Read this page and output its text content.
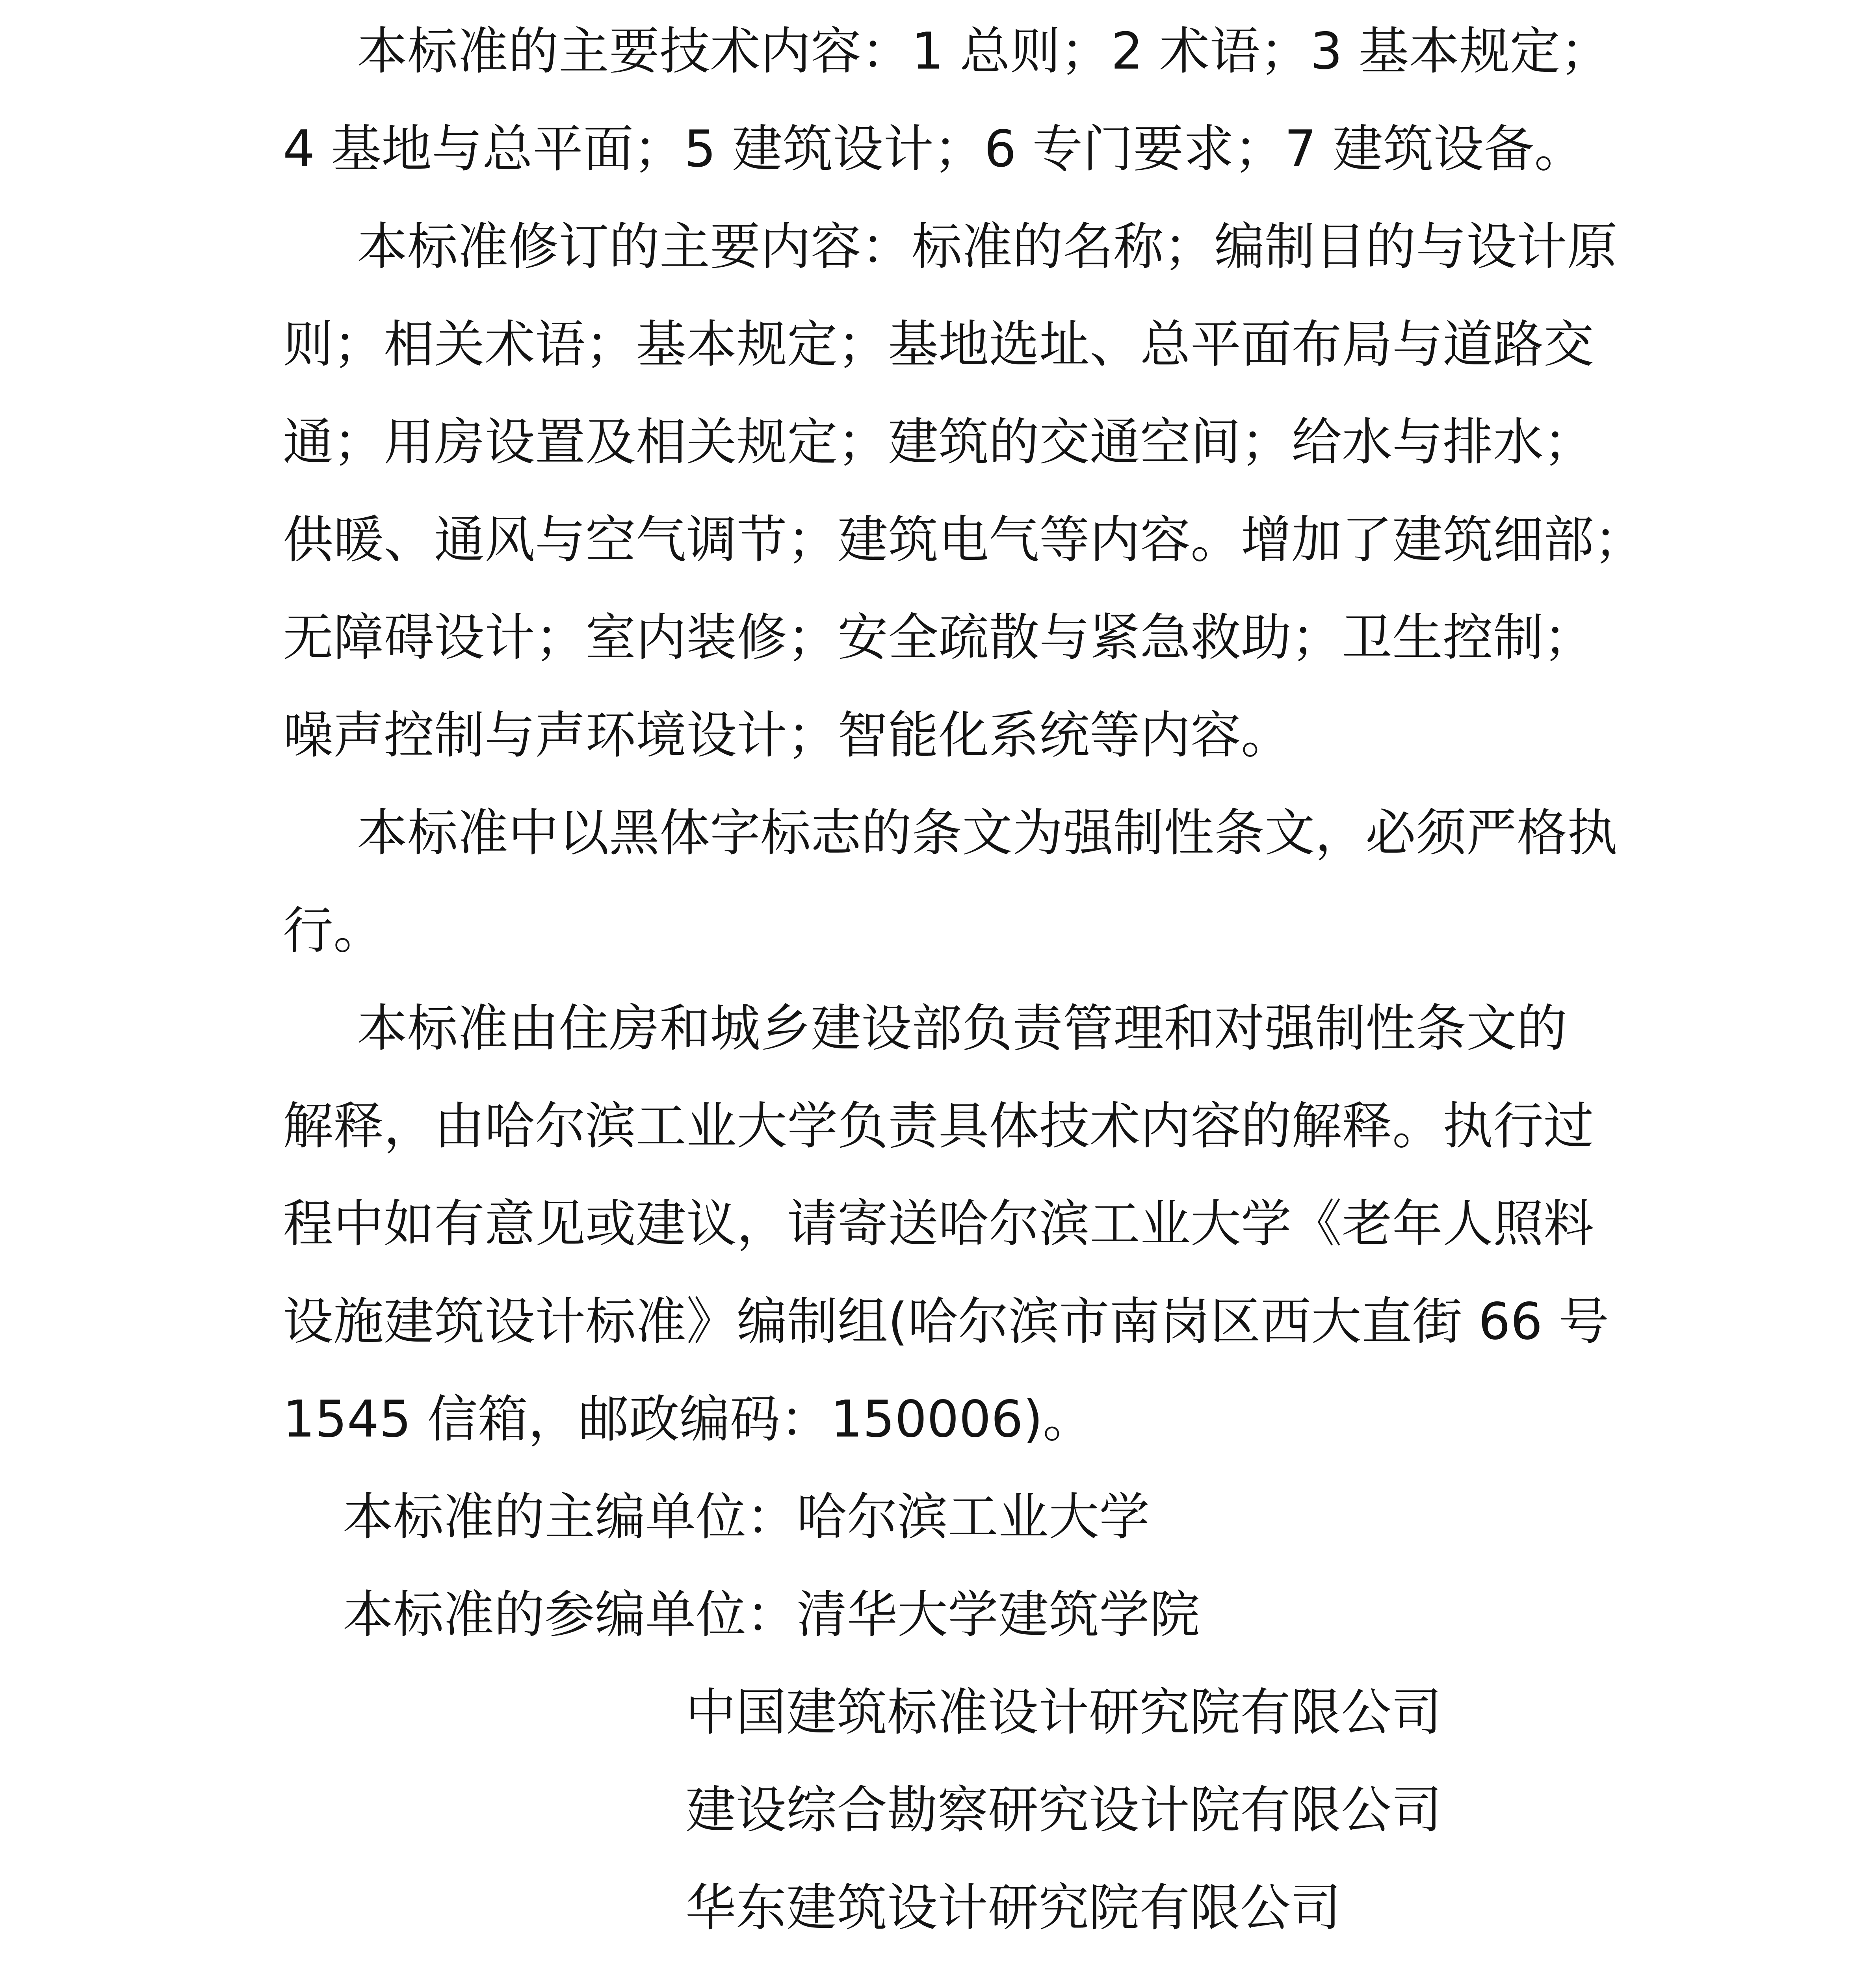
本标准的主要技术内容：1 总则；2 术语；3 基本规定；

4 基地与总平面；5 建筑设计；6 专门要求；7 建筑设备。

本标准修订的主要内容：标准的名称；编制目的与设计原

则；相关术语；基本规定；基地选址、总平面布局与道路交

通；用房设置及相关规定；建筑的交通空间；给水与排水；

供暖、通风与空气调节；建筑电气等内容。增加了建筑细部；

无障碍设计；室内装修；安全疏散与紧急救助；卫生控制；

噪声控制与声环境设计；智能化系统等内容。

本标准中以黑体字标志的条文为强制性条文，必须严格执

行。

本标准由住房和城乡建设部负责管理和对强制性条文的

解释，由哈尔滨工业大学负责具体技术内容的解释。执行过

程中如有意见或建议，请寄送哈尔滨工业大学《老年人照料

设施建筑设计标准》编制组(哈尔滨市南岗区西大直街 66 号

1545 信箱，邮政编码：150006)。

本标准的主编单位：哈尔滨工业大学

本标准的参编单位：清华大学建筑学院

中国建筑标准设计研究院有限公司

建设综合勘察研究设计院有限公司

华东建筑设计研究院有限公司
